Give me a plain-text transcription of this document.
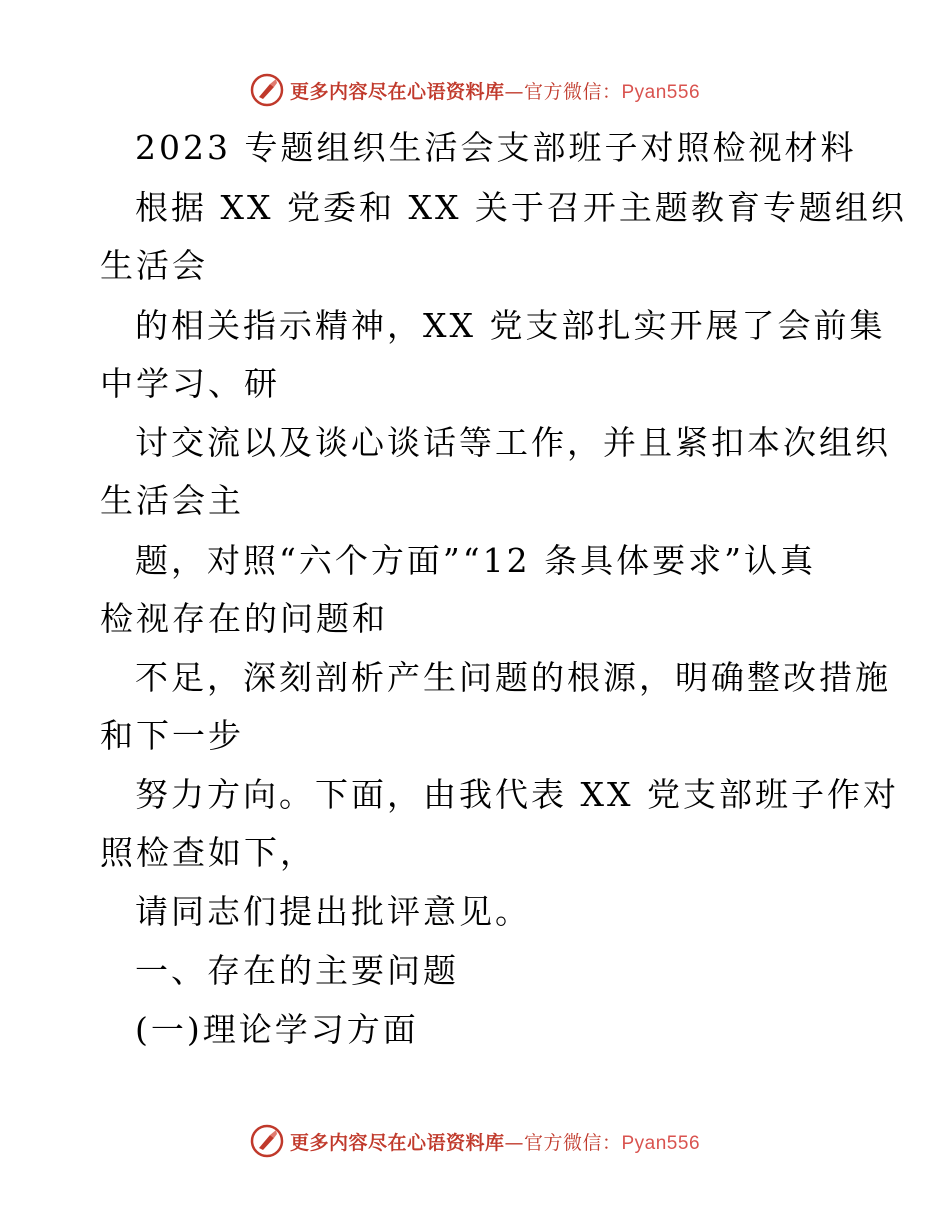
更多内容尽在心语资料库—官方微信：Pyan556
2023 专题组织生活会支部班子对照检视材料
根据 XX 党委和 XX 关于召开主题教育专题组织
生活会
的相关指示精神，XX 党支部扎实开展了会前集
中学习、研
讨交流以及谈心谈话等工作，并且紧扣本次组织
生活会主
题，对照“六个方面”“12 条具体要求”认真
检视存在的问题和
不足，深刻剖析产生问题的根源，明确整改措施
和下一步
努力方向。下面，由我代表 XX 党支部班子作对
照检查如下，
请同志们提出批评意见。
一、存在的主要问题
(一)理论学习方面
更多内容尽在心语资料库—官方微信：Pyan556
